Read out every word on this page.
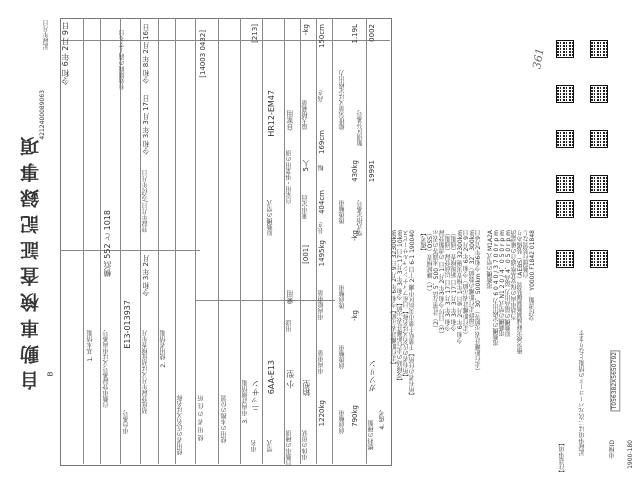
自動車検査証記録事項 B
記録年月日 令和 6年 2月 9日
4212400089063
1. 基本情報 自動車登録番号又は車両番号
横浜 552 と 1018
車台番号
E13-013937
初度登録年月又は初度検査年月
令和 3年 2月
登録年月日/交付年月日
令和 3年 3月 17日
有効期間の満了する日 令和 8年 2月 16日
2. 使用者情報
使用者の氏名又は名称 使 用 者 の 住 所	使用の本拠の位置
[14003 0432]
3. 車両詳細情報
車名
ニッサン
[213]
型式
6AA-E13
原動機の型式
HR12-EM47
自動車の種別
小 型
用途
乗用
自家用・事業用の別
自家用
車体の形状
箱型
[001]
乗車定員
5人
最大積載量
-kg
車両重量
1220kg
車両総重量
1495kg
長さ
404cm
幅
169cm
高さ
150cm
前前軸重 790kg
前後軸重
-kg
後前軸重
-kg
後後軸重
430kg
総排気量又は定格出力
1.19L
燃料の種類
ガソリン
型式指定番号
19991
類別区分番号
0002
4. 備考
【走行距離計表示値】令和 6年 2月 9日 32300km 【受検時の走行距離計表示値】令和 3年 3月 17日 10km 【所有者の氏名又は名称】日産フィナンシャルサービス 【所有者の住所】千葉県千葉市美浜区中瀬 2丁目 6-1 190040 【備考】 （1）継続検査（OSS） （2）計量方法 5，500 未満等の表示 （3）日付 令和3年 2月 1日 の書類登録 令和 3年 3月 17日 以前登録（通報） 令和 3年 3月 17日 新規検査（通報） 令和 6年 2月 9日 1年検査実施 32300km （走行距離計表示値）令和 6年 2月 9日 （最終走行距離の数値）32，300km （走行距離計表示値等）30，500km 令和6年2月9日 電動機の型式 M1A2A 電動機の定格出力 6 0 4 0 / 3 7 0 0 r p m 電動機の型式 N1 2 0 / 4，0 5 0 r p m 原動機の最高出力 最高 4，0 5 0 r p m 当該車両の保安基準適合の確認済 衝突被害軽減制動制御装置（AEBS）装備あり 自動運行装置なし 交付書類：Y0000 F1842 01848
車検ID
T056382X5650792
1900-180
【注意事項】
記録事項は二次元バーコードの情報となります
361
